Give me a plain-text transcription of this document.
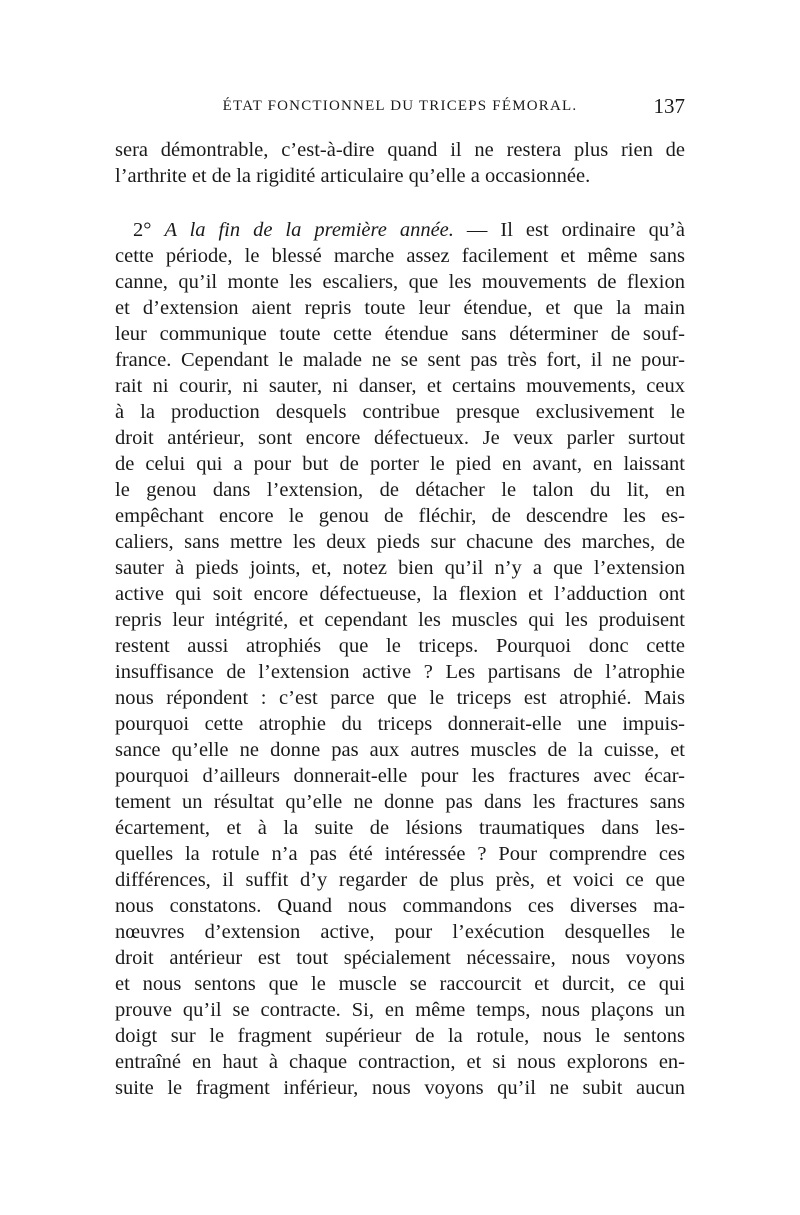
ÉTAT FONCTIONNEL DU TRICEPS FÉMORAL.	137
sera démontrable, c’est-à-dire quand il ne restera plus rien de
l’arthrite et de la rigidité articulaire qu’elle a occasionnée.
2° A la fin de la première année. — Il est ordinaire qu’à
cette période, le blessé marche assez facilement et même sans
canne, qu’il monte les escaliers, que les mouvements de flexion
et d’extension aient repris toute leur étendue, et que la main
leur communique toute cette étendue sans déterminer de souf-
france. Cependant le malade ne se sent pas très fort, il ne pour-
rait ni courir, ni sauter, ni danser, et certains mouvements, ceux
à la production desquels contribue presque exclusivement le
droit antérieur, sont encore défectueux. Je veux parler surtout
de celui qui a pour but de porter le pied en avant, en laissant
le genou dans l’extension, de détacher le talon du lit, en
empêchant encore le genou de fléchir, de descendre les es-
caliers, sans mettre les deux pieds sur chacune des marches, de
sauter à pieds joints, et, notez bien qu’il n’y a que l’extension
active qui soit encore défectueuse, la flexion et l’adduction ont
repris leur intégrité, et cependant les muscles qui les produisent
restent aussi atrophiés que le triceps. Pourquoi donc cette
insuffisance de l’extension active ? Les partisans de l’atrophie
nous répondent : c’est parce que le triceps est atrophié. Mais
pourquoi cette atrophie du triceps donnerait-elle une impuis-
sance qu’elle ne donne pas aux autres muscles de la cuisse, et
pourquoi d’ailleurs donnerait-elle pour les fractures avec écar-
tement un résultat qu’elle ne donne pas dans les fractures sans
écartement, et à la suite de lésions traumatiques dans les-
quelles la rotule n’a pas été intéressée ? Pour comprendre ces
différences, il suffit d’y regarder de plus près, et voici ce que
nous constatons. Quand nous commandons ces diverses ma-
nœuvres d’extension active, pour l’exécution desquelles le
droit antérieur est tout spécialement nécessaire, nous voyons
et nous sentons que le muscle se raccourcit et durcit, ce qui
prouve qu’il se contracte. Si, en même temps, nous plaçons un
doigt sur le fragment supérieur de la rotule, nous le sentons
entraîné en haut à chaque contraction, et si nous explorons en-
suite le fragment inférieur, nous voyons qu’il ne subit aucun
